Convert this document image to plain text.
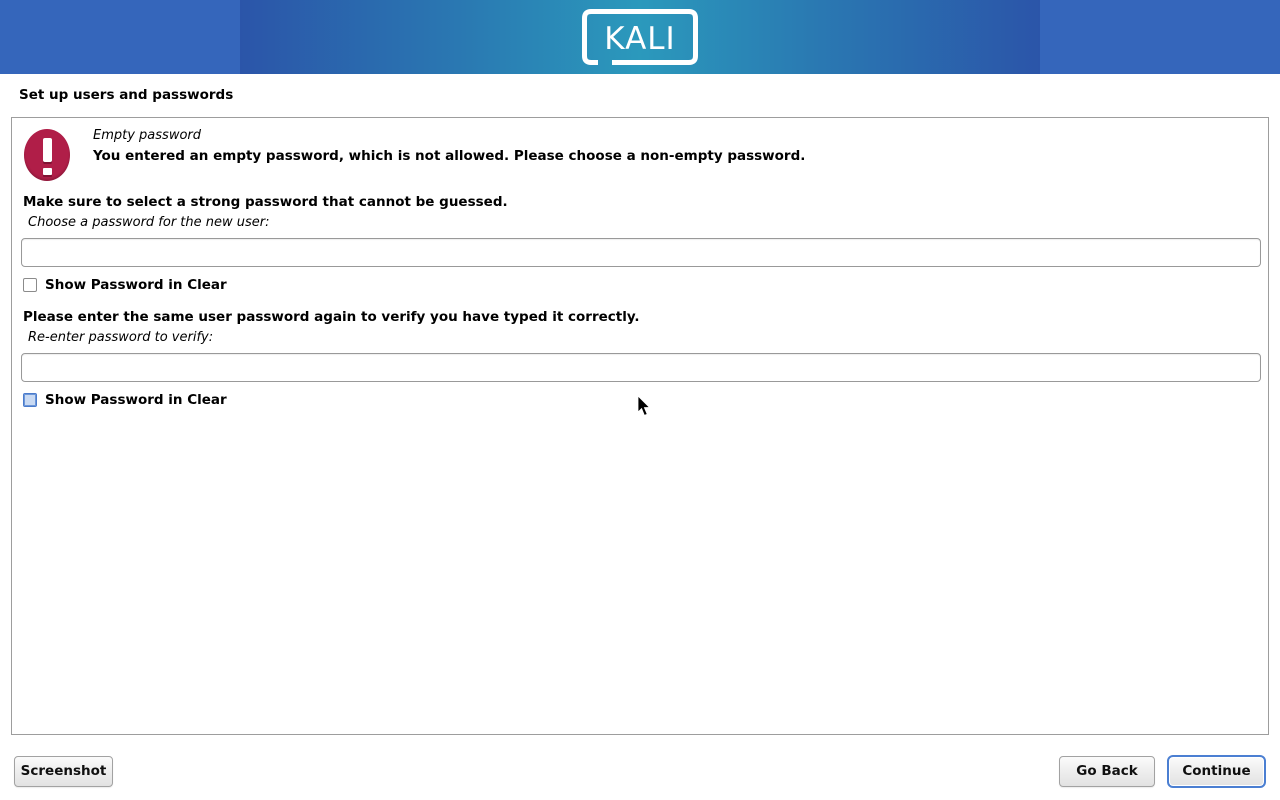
KALI
Set up users and passwords
Empty password
You entered an empty password, which is not allowed. Please choose a non-empty password.
Make sure to select a strong password that cannot be guessed.
Choose a password for the new user:
Show Password in Clear
Please enter the same user password again to verify you have typed it correctly.
Re-enter password to verify:
Show Password in Clear
Screenshot	Go Back	Continue
